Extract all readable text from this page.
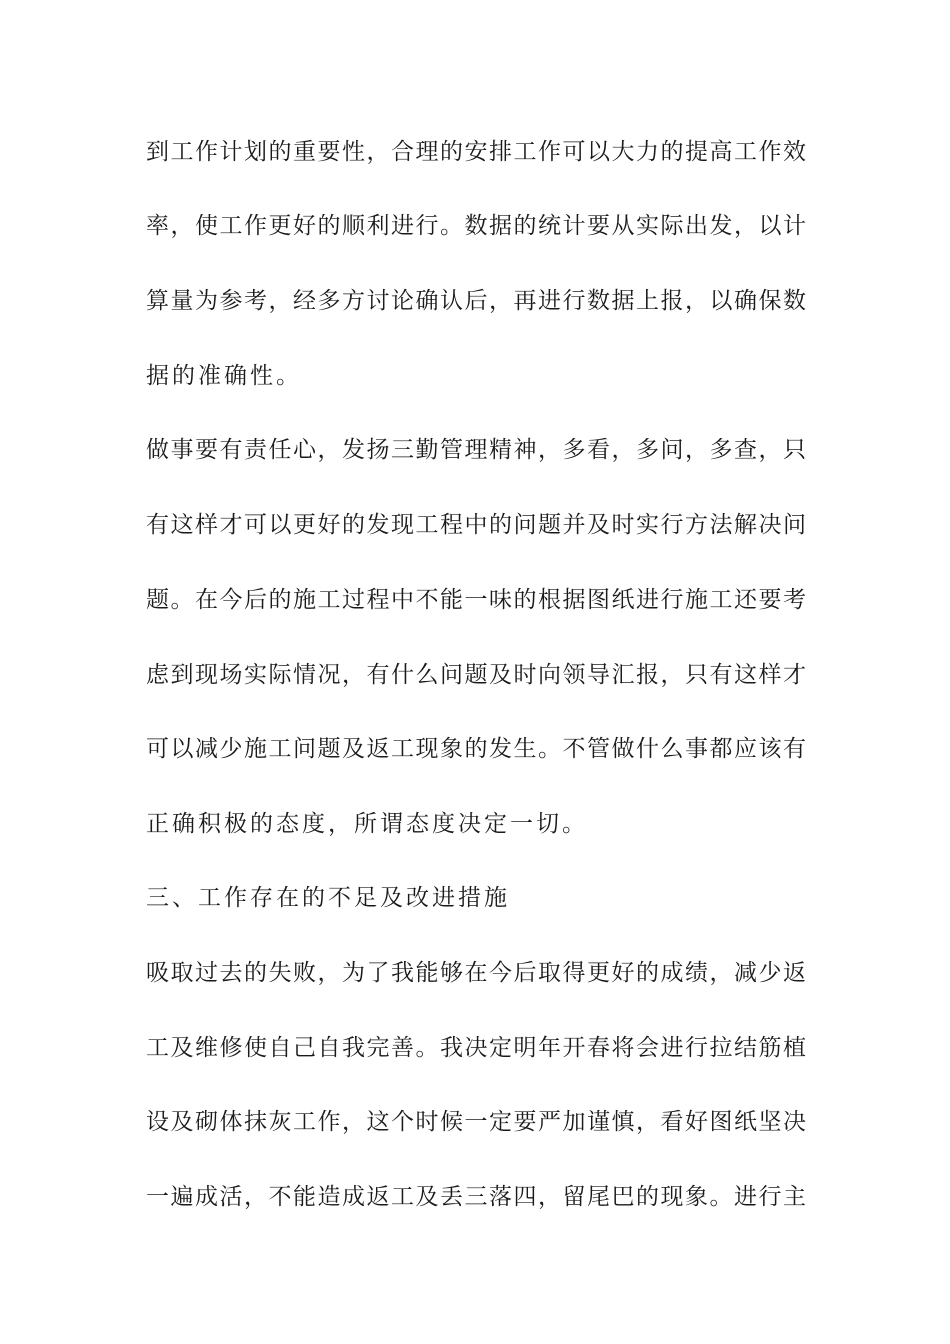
到工作计划的重要性，合理的安排工作可以大力的提高工作效
率，使工作更好的顺利进行。数据的统计要从实际出发，以计
算量为参考，经多方讨论确认后，再进行数据上报，以确保数
据的准确性。
做事要有责任心，发扬三勤管理精神，多看，多问，多查，只
有这样才可以更好的发现工程中的问题并及时实行方法解决问
题。在今后的施工过程中不能一味的根据图纸进行施工还要考
虑到现场实际情况，有什么问题及时向领导汇报，只有这样才
可以减少施工问题及返工现象的发生。不管做什么事都应该有
正确积极的态度，所谓态度决定一切。
三、工作存在的不足及改进措施
吸取过去的失败，为了我能够在今后取得更好的成绩，减少返
工及维修使自己自我完善。我决定明年开春将会进行拉结筋植
设及砌体抹灰工作，这个时候一定要严加谨慎，看好图纸坚决
一遍成活，不能造成返工及丢三落四，留尾巴的现象。进行主
